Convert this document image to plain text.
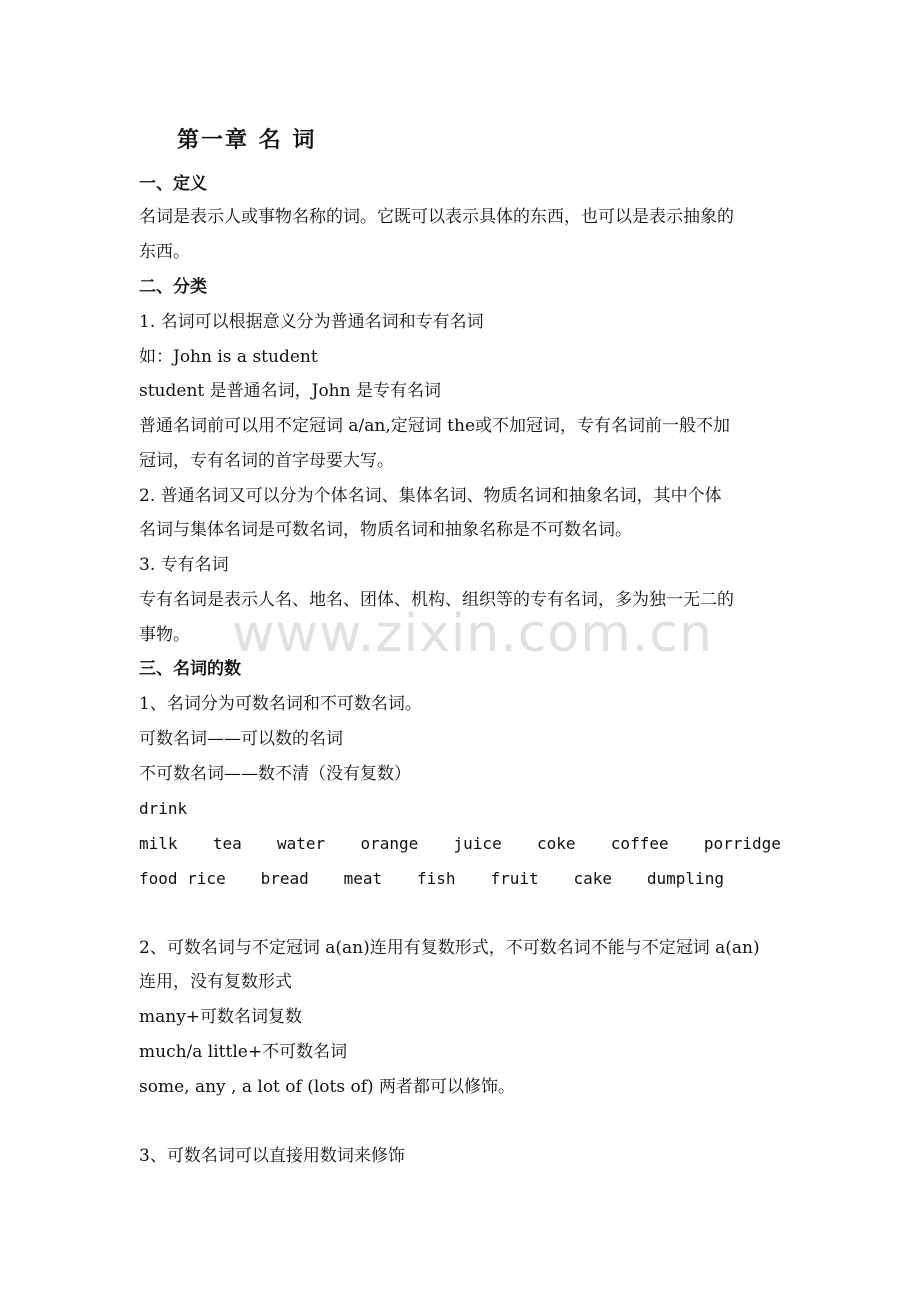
第一章 名 词
一、定义
名词是表示人或事物名称的词。它既可以表示具体的东西，也可以是表示抽象的
东西。
二、分类
1. 名词可以根据意义分为普通名词和专有名词
如：John is a student
student 是普通名词，John 是专有名词
普通名词前可以用不定冠词 a/an,定冠词 the或不加冠词，专有名词前一般不加
冠词，专有名词的首字母要大写。
2. 普通名词又可以分为个体名词、集体名词、物质名词和抽象名词，其中个体
名词与集体名词是可数名词，物质名词和抽象名称是不可数名词。
3. 专有名词
专有名词是表示人名、地名、团体、机构、组织等的专有名词，多为独一无二的
事物。
三、名词的数
1、名词分为可数名词和不可数名词。
可数名词——可以数的名词
不可数名词——数不清（没有复数）
drink
milk tea water orange juice coke coffee porridge
food rice bread meat fish fruit cake dumpling
2、可数名词与不定冠词 a(an)连用有复数形式，不可数名词不能与不定冠词 a(an)
连用，没有复数形式
many+可数名词复数
much/a little+不可数名词
some, any , a lot of (lots of) 两者都可以修饰。
3、可数名词可以直接用数词来修饰
www.zixin.com.cn
